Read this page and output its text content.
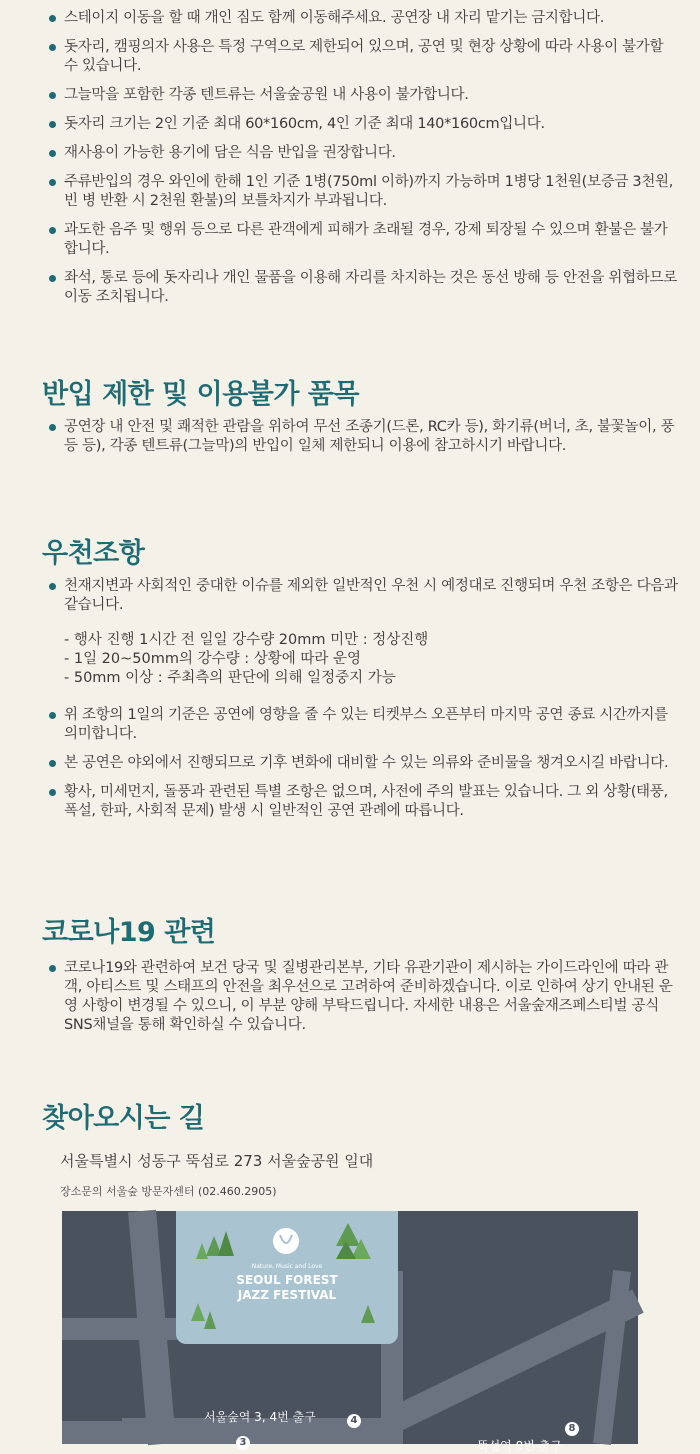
스테이지 이동을 할 때 개인 짐도 함께 이동해주세요. 공연장 내 자리 맡기는 금지합니다.
돗자리, 캠핑의자 사용은 특정 구역으로 제한되어 있으며, 공연 및 현장 상황에 따라 사용이 불가할 수 있습니다.
그늘막을 포함한 각종 텐트류는 서울숲공원 내 사용이 불가합니다.
돗자리 크기는 2인 기준 최대 60*160cm, 4인 기준 최대 140*160cm입니다.
재사용이 가능한 용기에 담은 식음 반입을 권장합니다.
주류반입의 경우 와인에 한해 1인 기준 1병(750ml 이하)까지 가능하며 1병당 1천원(보증금 3천원, 빈 병 반환 시 2천원 환불)의 보틀차지가 부과됩니다.
과도한 음주 및 행위 등으로 다른 관객에게 피해가 초래될 경우, 강제 퇴장될 수 있으며 환불은 불가합니다.
좌석, 통로 등에 돗자리나 개인 물품을 이용해 자리를 차지하는 것은 동선 방해 등 안전을 위협하므로 이동 조치됩니다.
반입 제한 및 이용불가 품목
공연장 내 안전 및 쾌적한 관람을 위하여 무선 조종기(드론, RC카 등), 화기류(버너, 초, 불꽃놀이, 풍등 등), 각종 텐트류(그늘막)의 반입이 일체 제한되니 이용에 참고하시기 바랍니다.
우천조항
천재지변과 사회적인 중대한 이슈를 제외한 일반적인 우천 시 예정대로 진행되며 우천 조항은 다음과 같습니다.
- 행사 진행 1시간 전 일일 강수량 20mm 미만 : 정상진행
- 1일 20~50mm의 강수량 : 상황에 따라 운영
- 50mm 이상 : 주최측의 판단에 의해 일정중지 가능
위 조항의 1일의 기준은 공연에 영향을 줄 수 있는 티켓부스 오픈부터 마지막 공연 종료 시간까지를 의미합니다.
본 공연은 야외에서 진행되므로 기후 변화에 대비할 수 있는 의류와 준비물을 챙겨오시길 바랍니다.
황사, 미세먼지, 돌풍과 관련된 특별 조항은 없으며, 사전에 주의 발표는 있습니다. 그 외 상황(태풍, 폭설, 한파, 사회적 문제) 발생 시 일반적인 공연 관례에 따릅니다.
코로나19 관련
코로나19와 관련하여 보건 당국 및 질병관리본부, 기타 유관기관이 제시하는 가이드라인에 따라 관객, 아티스트 및 스태프의 안전을 최우선으로 고려하여 준비하겠습니다. 이로 인하여 상기 안내된 운영 사항이 변경될 수 있으니, 이 부분 양해 부탁드립니다. 자세한 내용은 서울숲재즈페스티벌 공식 SNS채널을 통해 확인하실 수 있습니다.
찾아오시는 길

서울특별시 성동구 뚝섬로 273 서울숲공원 일대

장소문의 서울숲 방문자센터 (02.460.2905)

Nature, Music and Love
SEOUL FOREST
JAZZ FESTIVAL
서울숲역 3, 4번 출구	4
3
8
뚝섬역 8번 출구
